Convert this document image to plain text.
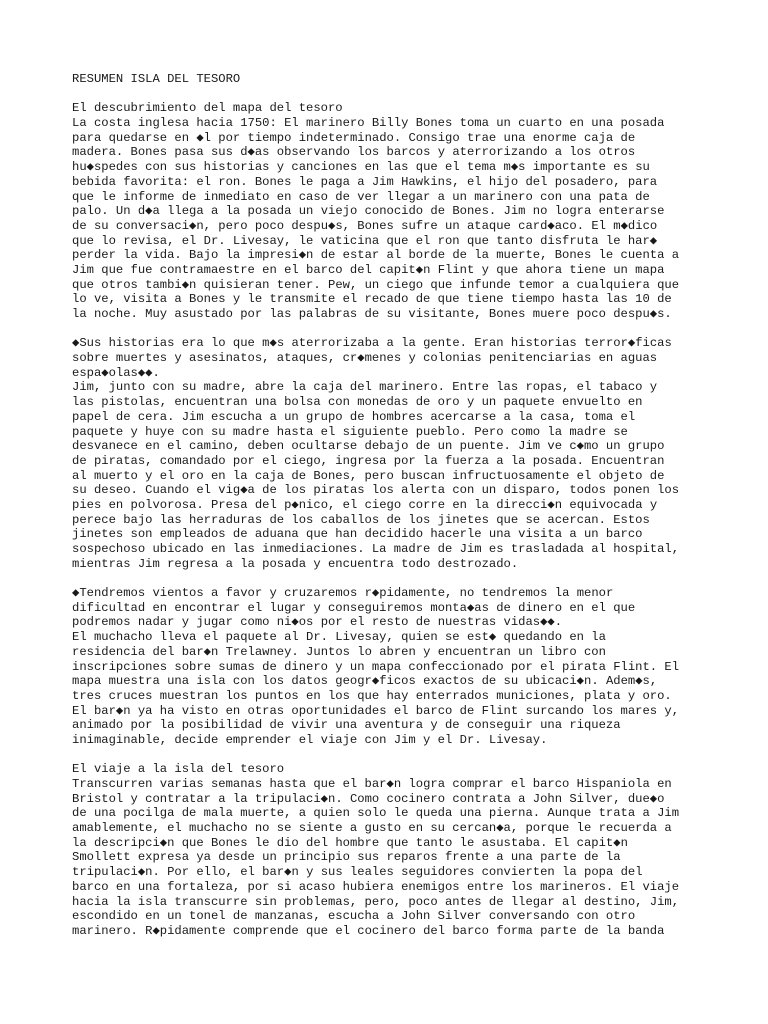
RESUMEN ISLA DEL TESORO
El descubrimiento del mapa del tesoro
La costa inglesa hacia 1750: El marinero Billy Bones toma un cuarto en una posada
para quedarse en ◆l por tiempo indeterminado. Consigo trae una enorme caja de
madera. Bones pasa sus d◆as observando los barcos y aterrorizando a los otros
hu◆spedes con sus historias y canciones en las que el tema m◆s importante es su
bebida favorita: el ron. Bones le paga a Jim Hawkins, el hijo del posadero, para
que le informe de inmediato en caso de ver llegar a un marinero con una pata de
palo. Un d◆a llega a la posada un viejo conocido de Bones. Jim no logra enterarse
de su conversaci◆n, pero poco despu◆s, Bones sufre un ataque card◆aco. El m◆dico
que lo revisa, el Dr. Livesay, le vaticina que el ron que tanto disfruta le har◆
perder la vida. Bajo la impresi◆n de estar al borde de la muerte, Bones le cuenta a
Jim que fue contramaestre en el barco del capit◆n Flint y que ahora tiene un mapa
que otros tambi◆n quisieran tener. Pew, un ciego que infunde temor a cualquiera que
lo ve, visita a Bones y le transmite el recado de que tiene tiempo hasta las 10 de
la noche. Muy asustado por las palabras de su visitante, Bones muere poco despu◆s.
◆Sus historias era lo que m◆s aterrorizaba a la gente. Eran historias terror◆ficas
sobre muertes y asesinatos, ataques, cr◆menes y colonias penitenciarias en aguas
espa◆olas◆◆.
Jim, junto con su madre, abre la caja del marinero. Entre las ropas, el tabaco y
las pistolas, encuentran una bolsa con monedas de oro y un paquete envuelto en
papel de cera. Jim escucha a un grupo de hombres acercarse a la casa, toma el
paquete y huye con su madre hasta el siguiente pueblo. Pero como la madre se
desvanece en el camino, deben ocultarse debajo de un puente. Jim ve c◆mo un grupo
de piratas, comandado por el ciego, ingresa por la fuerza a la posada. Encuentran
al muerto y el oro en la caja de Bones, pero buscan infructuosamente el objeto de
su deseo. Cuando el vig◆a de los piratas los alerta con un disparo, todos ponen los
pies en polvorosa. Presa del p◆nico, el ciego corre en la direcci◆n equivocada y
perece bajo las herraduras de los caballos de los jinetes que se acercan. Estos
jinetes son empleados de aduana que han decidido hacerle una visita a un barco
sospechoso ubicado en las inmediaciones. La madre de Jim es trasladada al hospital,
mientras Jim regresa a la posada y encuentra todo destrozado.
◆Tendremos vientos a favor y cruzaremos r◆pidamente, no tendremos la menor
dificultad en encontrar el lugar y conseguiremos monta◆as de dinero en el que
podremos nadar y jugar como ni◆os por el resto de nuestras vidas◆◆.
El muchacho lleva el paquete al Dr. Livesay, quien se est◆ quedando en la
residencia del bar◆n Trelawney. Juntos lo abren y encuentran un libro con
inscripciones sobre sumas de dinero y un mapa confeccionado por el pirata Flint. El
mapa muestra una isla con los datos geogr◆ficos exactos de su ubicaci◆n. Adem◆s,
tres cruces muestran los puntos en los que hay enterrados municiones, plata y oro.
El bar◆n ya ha visto en otras oportunidades el barco de Flint surcando los mares y,
animado por la posibilidad de vivir una aventura y de conseguir una riqueza
inimaginable, decide emprender el viaje con Jim y el Dr. Livesay.
El viaje a la isla del tesoro
Transcurren varias semanas hasta que el bar◆n logra comprar el barco Hispaniola en
Bristol y contratar a la tripulaci◆n. Como cocinero contrata a John Silver, due◆o
de una pocilga de mala muerte, a quien solo le queda una pierna. Aunque trata a Jim
amablemente, el muchacho no se siente a gusto en su cercan◆a, porque le recuerda a
la descripci◆n que Bones le dio del hombre que tanto le asustaba. El capit◆n
Smollett expresa ya desde un principio sus reparos frente a una parte de la
tripulaci◆n. Por ello, el bar◆n y sus leales seguidores convierten la popa del
barco en una fortaleza, por si acaso hubiera enemigos entre los marineros. El viaje
hacia la isla transcurre sin problemas, pero, poco antes de llegar al destino, Jim,
escondido en un tonel de manzanas, escucha a John Silver conversando con otro
marinero. R◆pidamente comprende que el cocinero del barco forma parte de la banda
